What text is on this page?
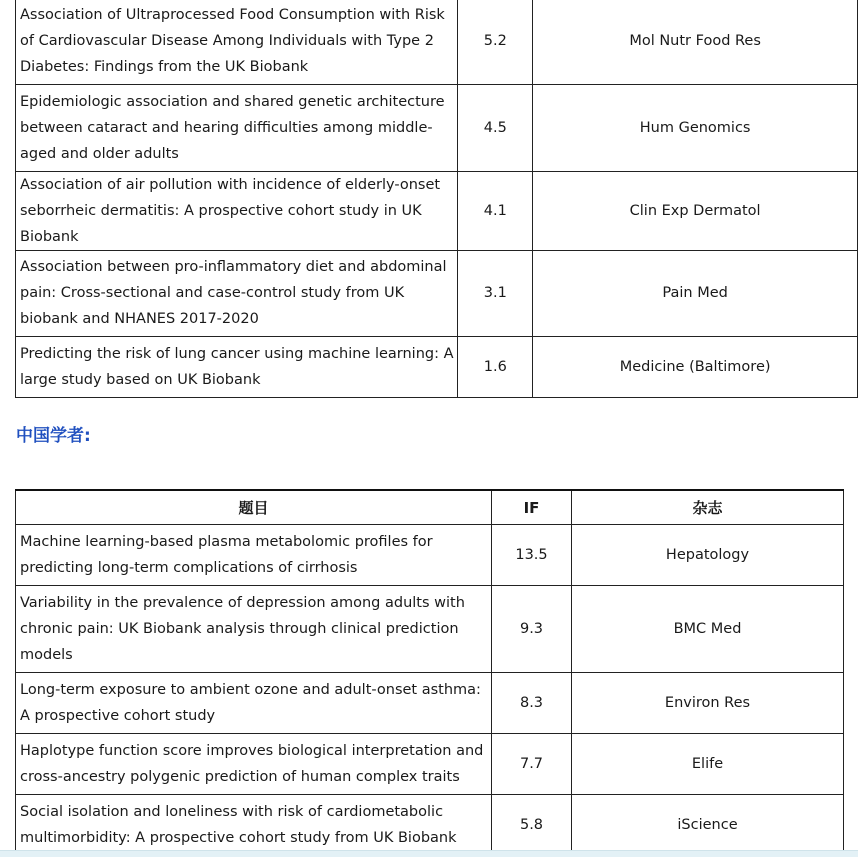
Association of Ultraprocessed Food Consumption with Risk of Cardiovascular Disease Among Individuals with Type 2 Diabetes: Findings from the UK Biobank	5.2	Mol Nutr Food Res
Epidemiologic association and shared genetic architecture between cataract and hearing difficulties among middle-aged and older adults	4.5	Hum Genomics
Association of air pollution with incidence of elderly-onset seborrheic dermatitis: A prospective cohort study in UK Biobank	4.1	Clin Exp Dermatol
Association between pro-inflammatory diet and abdominal pain: Cross-sectional and case-control study from UK biobank and NHANES 2017-2020	3.1	Pain Med
Predicting the risk of lung cancer using machine learning: A large study based on UK Biobank	1.6	Medicine (Baltimore)
中国学者:
题目	IF	杂志
Machine learning-based plasma metabolomic profiles for predicting long-term complications of cirrhosis	13.5	Hepatology
Variability in the prevalence of depression among adults with chronic pain: UK Biobank analysis through clinical prediction models	9.3	BMC Med
Long-term exposure to ambient ozone and adult-onset asthma: A prospective cohort study	8.3	Environ Res
Haplotype function score improves biological interpretation and cross-ancestry polygenic prediction of human complex traits	7.7	Elife
Social isolation and loneliness with risk of cardiometabolic multimorbidity: A prospective cohort study from UK Biobank	5.8	iScience
